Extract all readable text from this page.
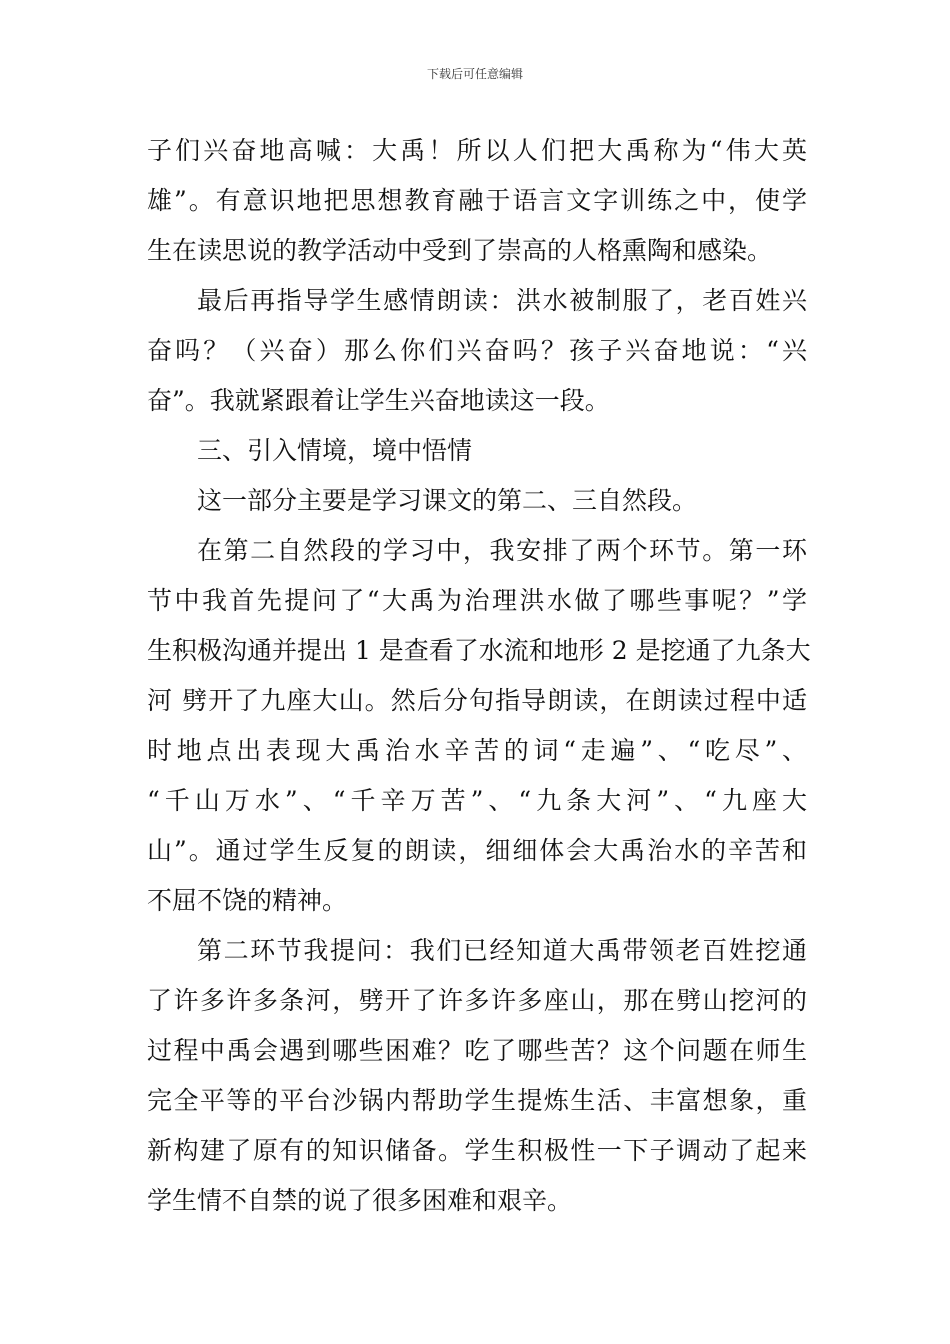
下载后可任意编辑
子们兴奋地高喊：大禹！所以人们把大禹称为“伟大英
雄”。有意识地把思想教育融于语言文字训练之中，使学
生在读思说的教学活动中受到了崇高的人格熏陶和感染。
最后再指导学生感情朗读：洪水被制服了，老百姓兴
奋吗？（兴奋）那么你们兴奋吗？孩子兴奋地说：“兴
奋”。我就紧跟着让学生兴奋地读这一段。
三、引入情境，境中悟情
这一部分主要是学习课文的第二、三自然段。
在第二自然段的学习中，我安排了两个环节。第一环
节中我首先提问了“大禹为治理洪水做了哪些事呢？”学
生积极沟通并提出 1 是查看了水流和地形 2 是挖通了九条大
河 劈开了九座大山。然后分句指导朗读，在朗读过程中适
时地点出表现大禹治水辛苦的词“走遍”、“吃尽”、
“千山万水”、“千辛万苦”、“九条大河”、“九座大
山”。通过学生反复的朗读，细细体会大禹治水的辛苦和
不屈不饶的精神。
第二环节我提问：我们已经知道大禹带领老百姓挖通
了许多许多条河，劈开了许多许多座山，那在劈山挖河的
过程中禹会遇到哪些困难？吃了哪些苦？这个问题在师生
完全平等的平台沙锅内帮助学生提炼生活、丰富想象，重
新构建了原有的知识储备。学生积极性一下子调动了起来
学生情不自禁的说了很多困难和艰辛。
